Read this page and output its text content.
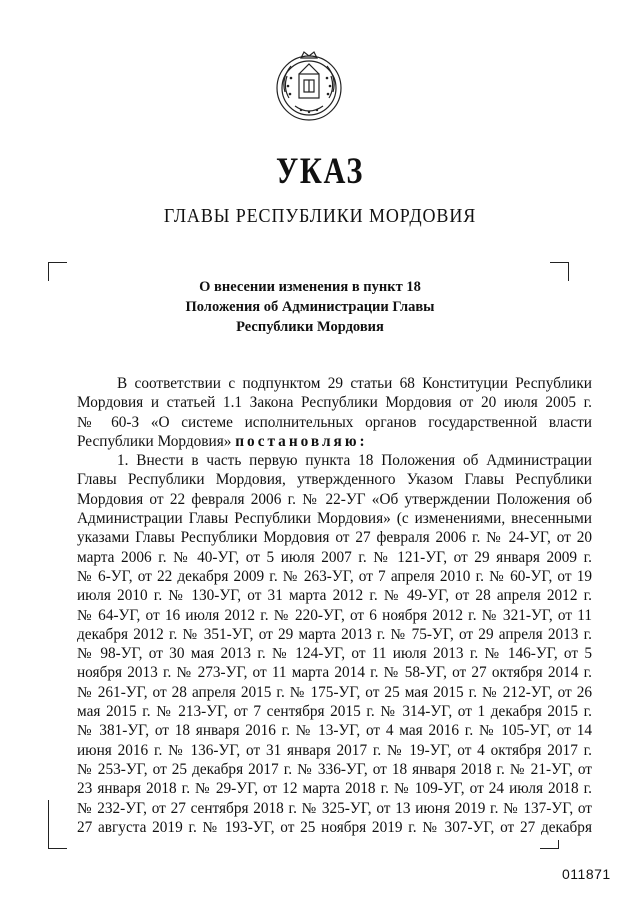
УКАЗ
ГЛАВЫ РЕСПУБЛИКИ МОРДОВИЯ
О внесении изменения в пункт 18
Положения об Администрации Главы
Республики Мордовия
В соответствии с подпунктом 29 статьи 68 Конституции Республики
Мордовия и статьей 1.1 Закона Республики Мордовия от 20 июля 2005 г.
№ 60-З «О системе исполнительных органов государственной власти
Республики Мордовия» постановляю:
1. Внести в часть первую пункта 18 Положения об Администрации
Главы Республики Мордовия, утвержденного Указом Главы Республики
Мордовия от 22 февраля 2006 г. № 22-УГ «Об утверждении Положения об
Администрации Главы Республики Мордовия» (с изменениями, внесенными
указами Главы Республики Мордовия от 27 февраля 2006 г. № 24-УГ, от 20
марта 2006 г. № 40-УГ, от 5 июля 2007 г. № 121-УГ, от 29 января 2009 г.
№ 6-УГ, от 22 декабря 2009 г. № 263-УГ, от 7 апреля 2010 г. № 60-УГ, от 19
июля 2010 г. № 130-УГ, от 31 марта 2012 г. № 49-УГ, от 28 апреля 2012 г.
№ 64-УГ, от 16 июля 2012 г. № 220-УГ, от 6 ноября 2012 г. № 321-УГ, от 11
декабря 2012 г. № 351-УГ, от 29 марта 2013 г. № 75-УГ, от 29 апреля 2013 г.
№ 98-УГ, от 30 мая 2013 г. № 124-УГ, от 11 июля 2013 г. № 146-УГ, от 5
ноября 2013 г. № 273-УГ, от 11 марта 2014 г. № 58-УГ, от 27 октября 2014 г.
№ 261-УГ, от 28 апреля 2015 г. № 175-УГ, от 25 мая 2015 г. № 212-УГ, от 26
мая 2015 г. № 213-УГ, от 7 сентября 2015 г. № 314-УГ, от 1 декабря 2015 г.
№ 381-УГ, от 18 января 2016 г. № 13-УГ, от 4 мая 2016 г. № 105-УГ, от 14
июня 2016 г. № 136-УГ, от 31 января 2017 г. № 19-УГ, от 4 октября 2017 г.
№ 253-УГ, от 25 декабря 2017 г. № 336-УГ, от 18 января 2018 г. № 21-УГ, от
23 января 2018 г. № 29-УГ, от 12 марта 2018 г. № 109-УГ, от 24 июля 2018 г.
№ 232-УГ, от 27 сентября 2018 г. № 325-УГ, от 13 июня 2019 г. № 137-УГ, от
27 августа 2019 г. № 193-УГ, от 25 ноября 2019 г. № 307-УГ, от 27 декабря
011871
